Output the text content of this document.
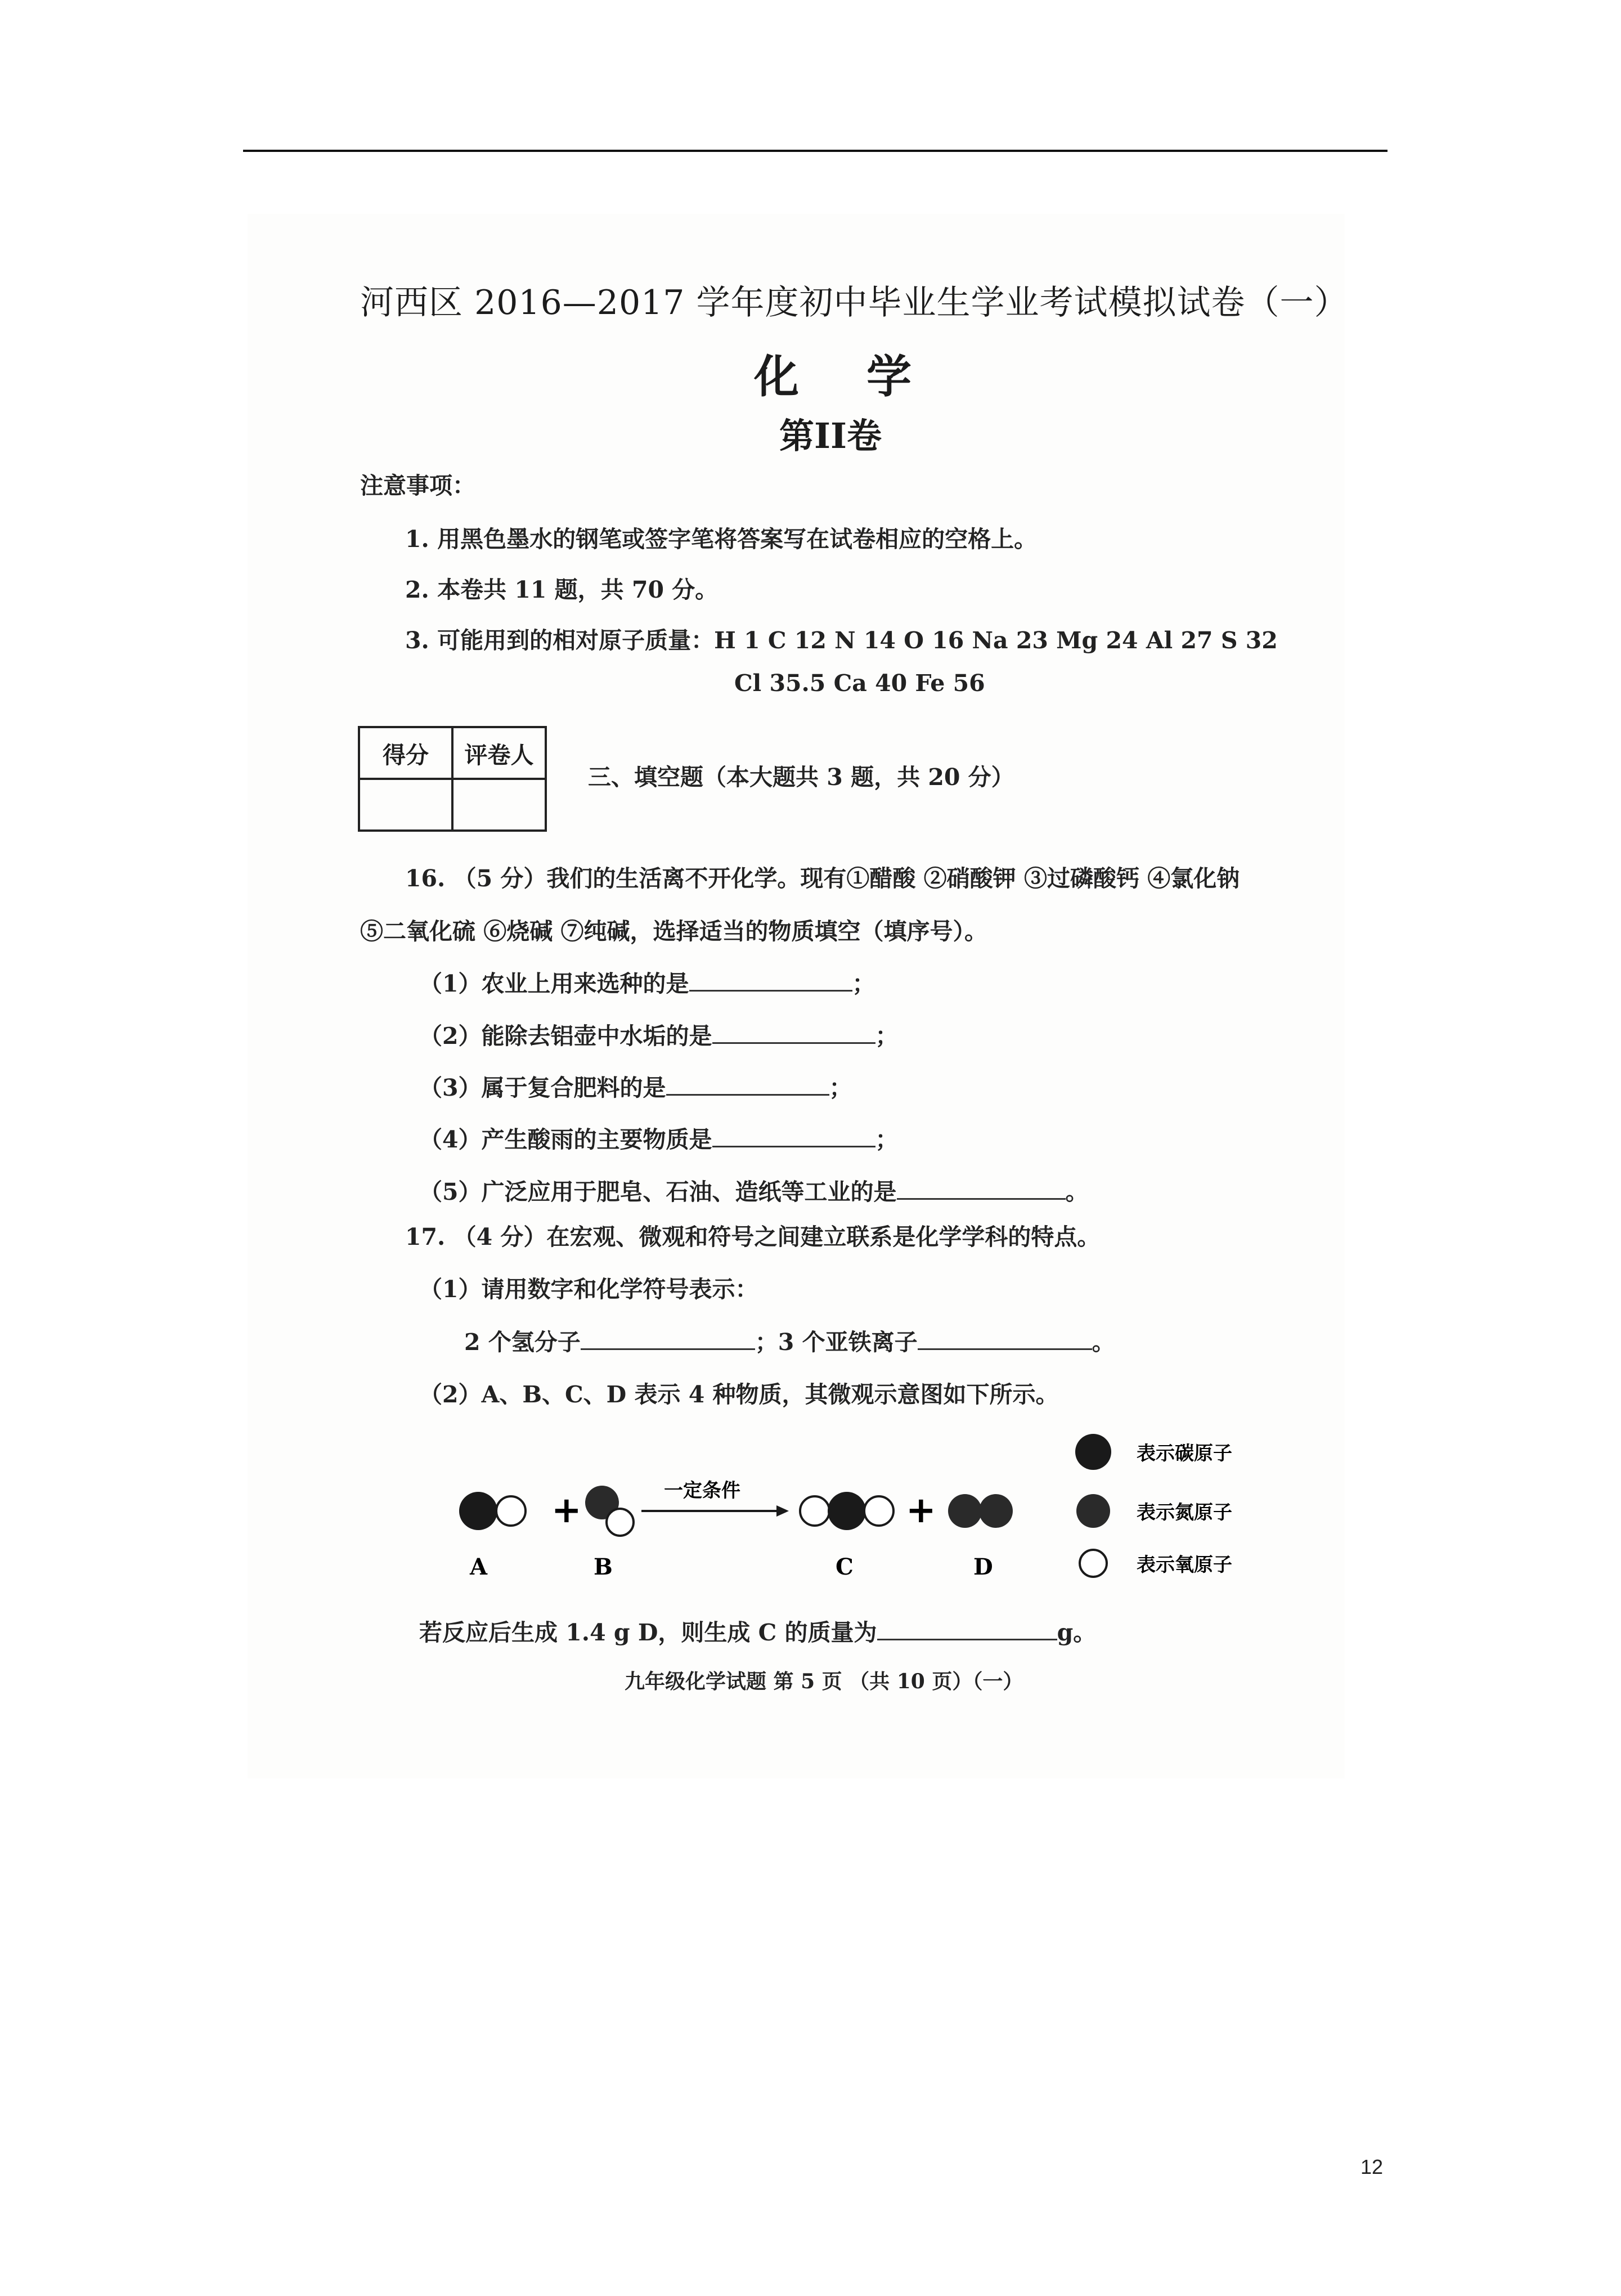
河西区 2016—2017 学年度初中毕业生学业考试模拟试卷（一）
化学
第II卷
注意事项：
1. 用黑色墨水的钢笔或签字笔将答案写在试卷相应的空格上。
2. 本卷共 11 题，共 70 分。
3. 可能用到的相对原子质量：H 1 C 12 N 14 O 16 Na 23 Mg 24 Al 27 S 32
Cl 35.5 Ca 40 Fe 56
得分	评卷人

三、填空题（本大题共 3 题，共 20 分）
16. （5 分）我们的生活离不开化学。现有①醋酸 ②硝酸钾 ③过磷酸钙 ④氯化钠
⑤二氧化硫 ⑥烧碱 ⑦纯碱，选择适当的物质填空（填序号）。
（1）农业上用来选种的是	；
（2）能除去铝壶中水垢的是	；
（3）属于复合肥料的是	；
（4）产生酸雨的主要物质是	；
（5）广泛应用于肥皂、石油、造纸等工业的是	。
17. （4 分）在宏观、微观和符号之间建立联系是化学学科的特点。
（1）请用数字和化学符号表示：
2 个氢分子	；3 个亚铁离子	。
（2）A、B、C、D 表示 4 种物质，其微观示意图如下所示。
+	一定条件	+
A	B	C	D
表示碳原子
表示氮原子
表示氧原子
若反应后生成 1.4 g D，则生成 C 的质量为	g。
九年级化学试题 第 5 页 （共 10 页）（一）
12
